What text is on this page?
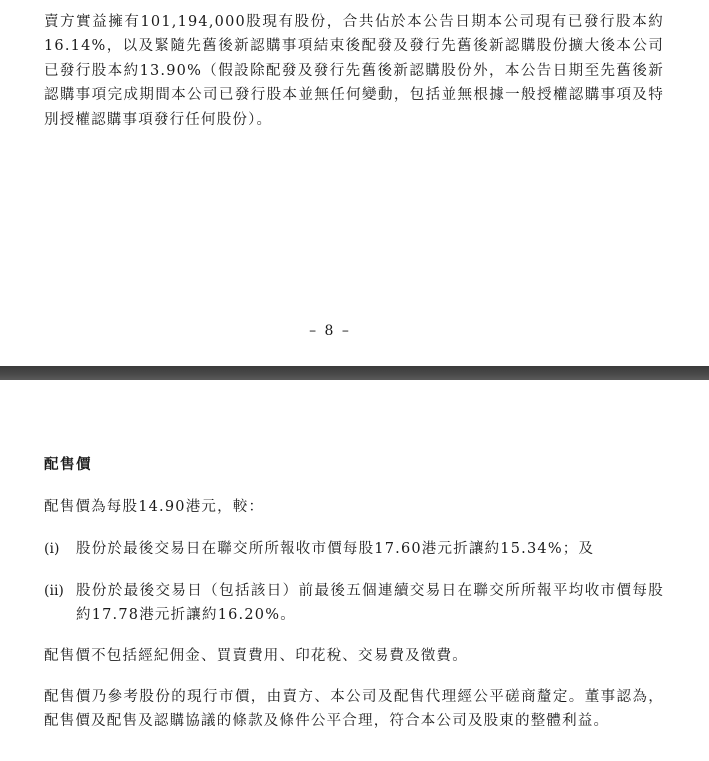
賣方實益擁有101,194,000股現有股份，合共佔於本公告日期本公司現有已發行股本約16.14%，以及緊隨先舊後新認購事項結束後配發及發行先舊後新認購股份擴大後本公司已發行股本約13.90%（假設除配發及發行先舊後新認購股份外，本公告日期至先舊後新認購事項完成期間本公司已發行股本並無任何變動，包括並無根據一般授權認購事項及特別授權認購事項發行任何股份）。

– 8 –
配售價

配售價為每股14.90港元，較：

(i) 股份於最後交易日在聯交所所報收市價每股17.60港元折讓約15.34%；及
(ii) 股份於最後交易日（包括該日）前最後五個連續交易日在聯交所所報平均收市價每股約17.78港元折讓約16.20%。

配售價不包括經紀佣金、買賣費用、印花稅、交易費及徵費。

配售價乃參考股份的現行市價，由賣方、本公司及配售代理經公平磋商釐定。董事認為，配售價及配售及認購協議的條款及條件公平合理，符合本公司及股東的整體利益。
